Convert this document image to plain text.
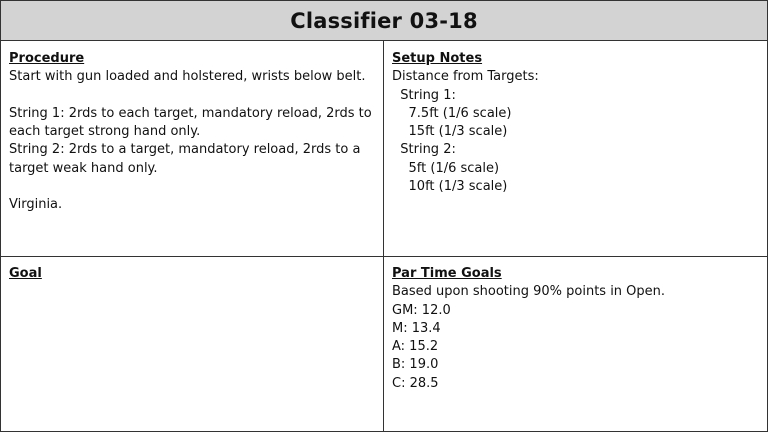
Classifier 03-18
Procedure
Start with gun loaded and holstered, wrists below belt.
String 1: 2rds to each target, mandatory reload, 2rds to each target strong hand only.
String 2: 2rds to a target, mandatory reload, 2rds to a target weak hand only.
Virginia.
Setup Notes
Distance from Targets:
String 1:
7.5ft (1/6 scale)
15ft (1/3 scale)
String 2:
5ft (1/6 scale)
10ft (1/3 scale)
Goal	Par Time Goals
Based upon shooting 90% points in Open.
GM: 12.0
M: 13.4
A: 15.2
B: 19.0
C: 28.5
